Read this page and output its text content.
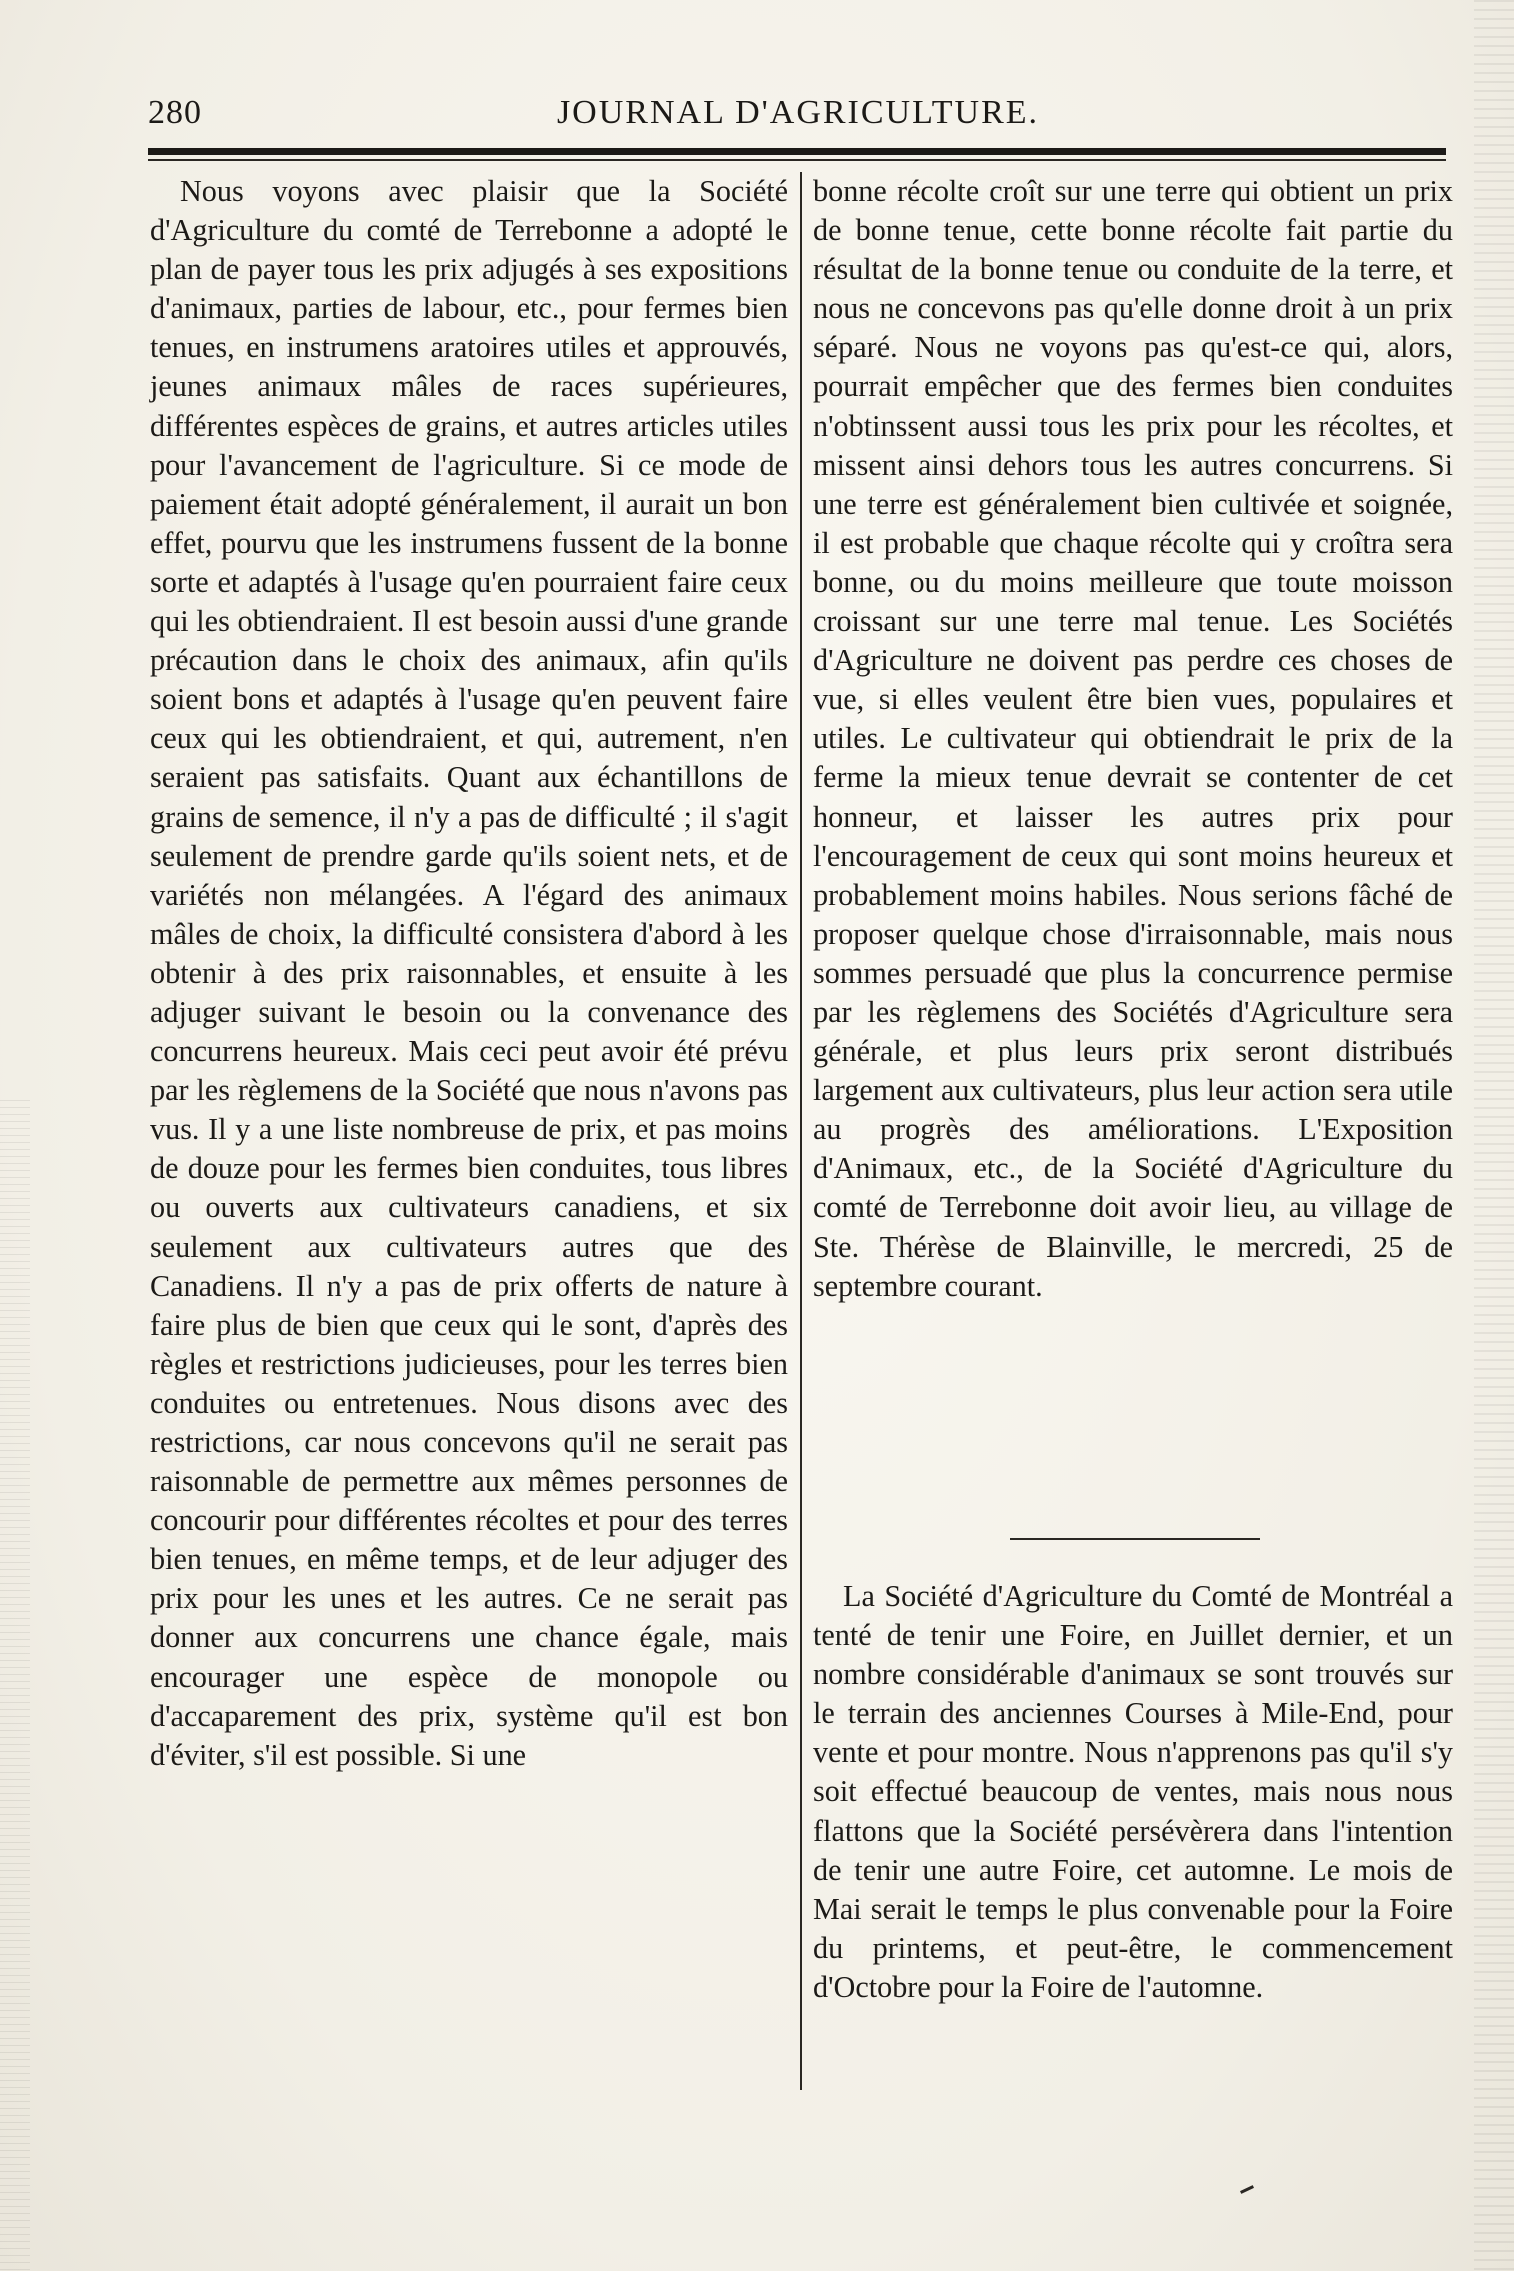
280	JOURNAL D'AGRICULTURE.

Nous voyons avec plaisir que la Société d'Agriculture du comté de Terrebonne a adopté le plan de payer tous les prix adjugés à ses expositions d'animaux, parties de labour, etc., pour fermes bien tenues, en instrumens aratoires utiles et approuvés, jeunes animaux mâles de races supérieures, différentes espèces de grains, et autres articles utiles pour l'avancement de l'agriculture. Si ce mode de paiement était adopté généralement, il aurait un bon effet, pourvu que les instrumens fussent de la bonne sorte et adaptés à l'usage qu'en pourraient faire ceux qui les obtiendraient. Il est besoin aussi d'une grande précaution dans le choix des animaux, afin qu'ils soient bons et adaptés à l'usage qu'en peuvent faire ceux qui les obtiendraient, et qui, autrement, n'en seraient pas satisfaits. Quant aux échantillons de grains de semence, il n'y a pas de difficulté ; il s'agit seulement de prendre garde qu'ils soient nets, et de variétés non mélangées. A l'égard des animaux mâles de choix, la difficulté consistera d'abord à les obtenir à des prix raisonnables, et ensuite à les adjuger suivant le besoin ou la convenance des concurrens heureux. Mais ceci peut avoir été prévu par les règlemens de la Société que nous n'avons pas vus. Il y a une liste nombreuse de prix, et pas moins de douze pour les fermes bien conduites, tous libres ou ouverts aux cultivateurs canadiens, et six seulement aux cultivateurs autres que des Canadiens. Il n'y a pas de prix offerts de nature à faire plus de bien que ceux qui le sont, d'après des règles et restrictions judicieuses, pour les terres bien conduites ou entretenues. Nous disons avec des restrictions, car nous concevons qu'il ne serait pas raisonnable de permettre aux mêmes personnes de concourir pour différentes récoltes et pour des terres bien tenues, en même temps, et de leur adjuger des prix pour les unes et les autres. Ce ne serait pas donner aux concurrens une chance égale, mais encourager une espèce de monopole ou d'accaparement des prix, système qu'il est bon d'éviter, s'il est possible. Si une

bonne récolte croît sur une terre qui obtient un prix de bonne tenue, cette bonne récolte fait partie du résultat de la bonne tenue ou conduite de la terre, et nous ne concevons pas qu'elle donne droit à un prix séparé. Nous ne voyons pas qu'est-ce qui, alors, pourrait empêcher que des fermes bien conduites n'obtinssent aussi tous les prix pour les récoltes, et missent ainsi dehors tous les autres concurrens. Si une terre est généralement bien cultivée et soignée, il est probable que chaque récolte qui y croîtra sera bonne, ou du moins meilleure que toute moisson croissant sur une terre mal tenue. Les Sociétés d'Agriculture ne doivent pas perdre ces choses de vue, si elles veulent être bien vues, populaires et utiles. Le cultivateur qui obtiendrait le prix de la ferme la mieux tenue devrait se contenter de cet honneur, et laisser les autres prix pour l'encouragement de ceux qui sont moins heureux et probablement moins habiles. Nous serions fâché de proposer quelque chose d'irraisonnable, mais nous sommes persuadé que plus la concurrence permise par les règlemens des Sociétés d'Agriculture sera générale, et plus leurs prix seront distribués largement aux cultivateurs, plus leur action sera utile au progrès des améliorations. L'Exposition d'Animaux, etc., de la Société d'Agriculture du comté de Terrebonne doit avoir lieu, au village de Ste. Thérèse de Blainville, le mercredi, 25 de septembre courant.

La Société d'Agriculture du Comté de Montréal a tenté de tenir une Foire, en Juillet dernier, et un nombre considérable d'animaux se sont trouvés sur le terrain des anciennes Courses à Mile-End, pour vente et pour montre. Nous n'apprenons pas qu'il s'y soit effectué beaucoup de ventes, mais nous nous flattons que la Société persévèrera dans l'intention de tenir une autre Foire, cet automne. Le mois de Mai serait le temps le plus convenable pour la Foire du printems, et peut-être, le commencement d'Octobre pour la Foire de l'automne.
